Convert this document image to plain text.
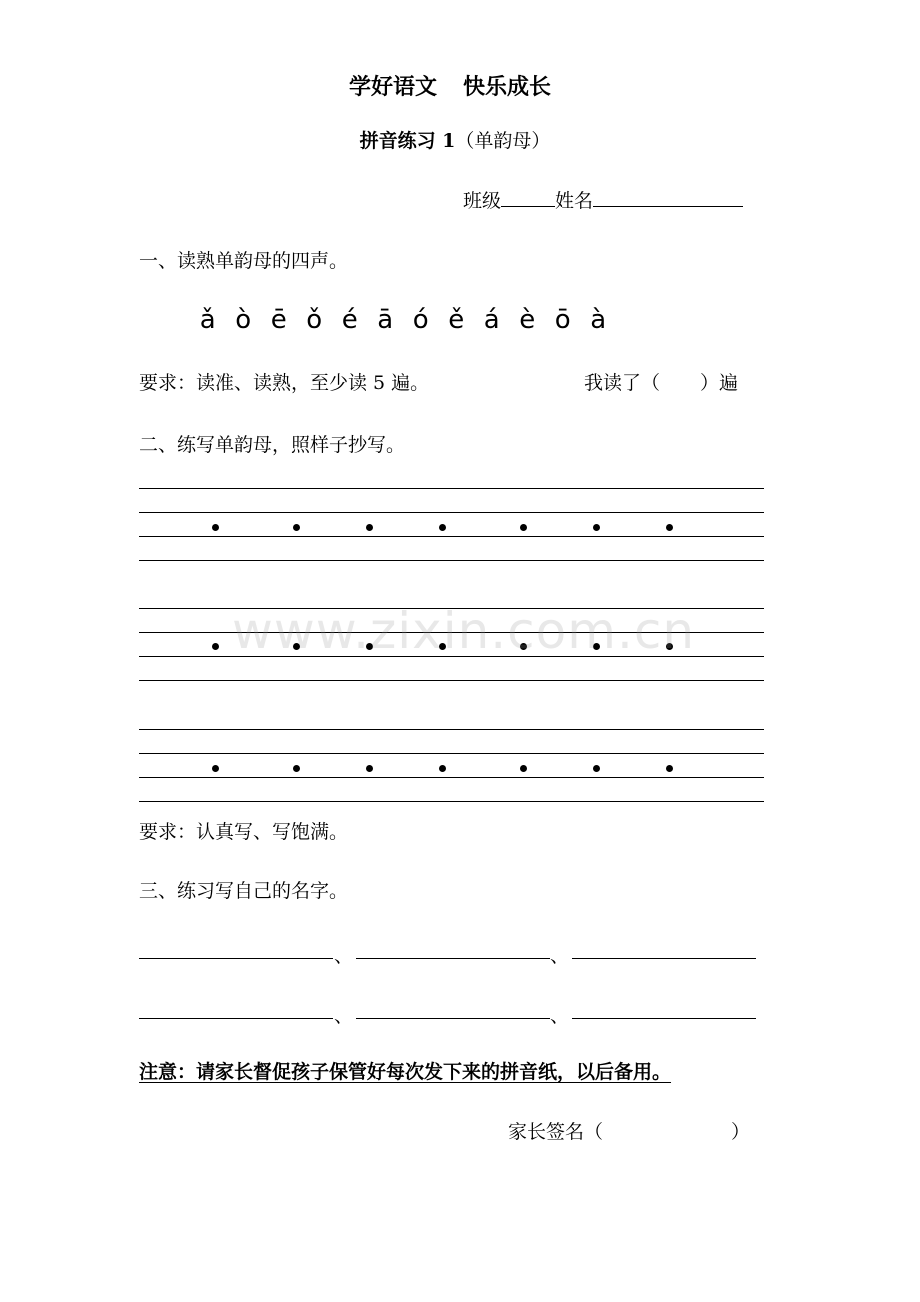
学好语文 快乐成长
拼音练习 1（单韵母）
班级	姓名
一、读熟单韵母的四声。
ǎ ò ē ǒ é ā ó ě á è ō à
要求：读准、读熟，至少读 5 遍。	我读了（ ）遍
二、练写单韵母，照样子抄写。
要求：认真写、写饱满。
三、练习写自己的名字。
、	、
、	、
注意：请家长督促孩子保管好每次发下来的拼音纸，以后备用。
家长签名（	）
www.zixin.com.cn
